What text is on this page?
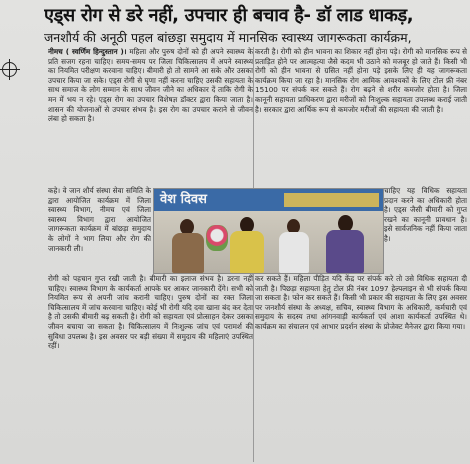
एड्स रोग से डरे नहीं, उपचार ही बचाव है- डॉ लाड धाकड़,
जनशौर्य की अनूठी पहल बांछड़ा समुदाय में मानसिक स्वास्थ्य जागरूकता कार्यक्रम,

नीमच ( स्वर्णिम हिन्दुस्तान )। महिला और पुरुष दोनों को ही अपने स्वास्थ्य के प्रति सजग रहना चाहिए। समय-समय पर जिला चिकित्सालय में अपने स्वास्थ्य का नियमित परीक्षण करवाना चाहिए। बीमारी हो तो सामने आ सके और उसका उपचार किया जा सके। एड्स रोगी से घृणा नहीं करना चाहिए उसकी सहायता के साथ समाज के लोग सम्मान के साथ जीवन जीने का अधिकार दें ताकि रोगी के मन में भय न रहे। एड्स रोग का उपचार विशेषज्ञ डॉक्टर द्वारा किया जाता है। शासन की योजनाओं से उपचार संभव है। इस रोग का उपचार कराने से जीवन लंबा हो सकता है।

करती है। रोगी को हीन भावना का शिकार नहीं होना पड़े। रोगी को मानसिक रूप से प्रताड़ित होने पर आत्महत्या जैसे कदम भी उठाने को मजबूर हो जाते हैं। किसी भी रोगी को हीन भावना से ग्रसित नहीं होना पड़े इसके लिए ही यह जागरूकता कार्यक्रम किया जा रहा है। मानसिक रोग आमिक आवश्यकों के लिए टोल फ्री नंबर 15100 पर संपर्क कर सकते हैं। रोग बढ़ने से शरीर कमजोर होता है। जिला कानूनी सहायता प्राधिकरण द्वारा मरीजों को निःशुल्क सहायता उपलब्ध कराई जाती है। सरकार द्वारा आर्थिक रूप से कमजोर मरीजों की सहायता की जाती है।

कहे। वे जान शौर्य संस्था सेवा समिति के द्वारा आयोजित कार्यक्रम में जिला स्वास्थ्य विभाग, नीमच एवं जिला स्वास्थ्य विभाग द्वारा आयोजित जागरूकता कार्यक्रम में बांछड़ा समुदाय के लोगों ने भाग लिया और रोग की जानकारी ली।

वेश दिवस

चाहिए यह विधिक सहायता प्रदान करने का अधिकारी होता है। एड्स जैसी बीमारी को गुप्त रखने का कानूनी प्रावधान है। इसे सार्वजनिक नहीं किया जाता है।

रोगी को पहचान गुप्त रखी जाती है। बीमारी का इलाज संभव है। डरना नहीं चाहिए। स्वास्थ्य विभाग के कार्यकर्ता आपके घर आकर जानकारी देंगे। सभी को नियमित रूप से अपनी जांच करानी चाहिए। पुरुष दोनों का रक्त जिला चिकित्सालय में जांच करवाना चाहिए। कोई भी रोगी यदि दवा खाना बंद कर देता है तो उसकी बीमारी बढ़ सकती है। रोगी को सहायता एवं प्रोत्साहन देकर उसका जीवन बचाया जा सकता है। चिकित्सालय में निःशुल्क जांच एवं परामर्श की सुविधा उपलब्ध है। इस अवसर पर बड़ी संख्या में समुदाय की महिलाएं उपस्थित रहीं।

कर सकते हैं। महिला पीड़ित यदि केंद्र पर संपर्क करे तो उसे विधिक सहायता दी जाती है। पिछड़ा सहायता हेतु टोल फ्री नंबर 1097 हेल्पलाइन से भी संपर्क किया जा सकता है। फोन कर सकते हैं। किसी भी प्रकार की सहायता के लिए इस अवसर पर जनशौर्य संस्था के अध्यक्ष, सचिव, स्वास्थ्य विभाग के अधिकारी, कर्मचारी एवं समुदाय के सदस्य तथा आंगनवाड़ी कार्यकर्ता एवं आशा कार्यकर्ता उपस्थित थे। कार्यक्रम का संचालन एवं आभार प्रदर्शन संस्था के प्रोजेक्ट मैनेजर द्वारा किया गया।
